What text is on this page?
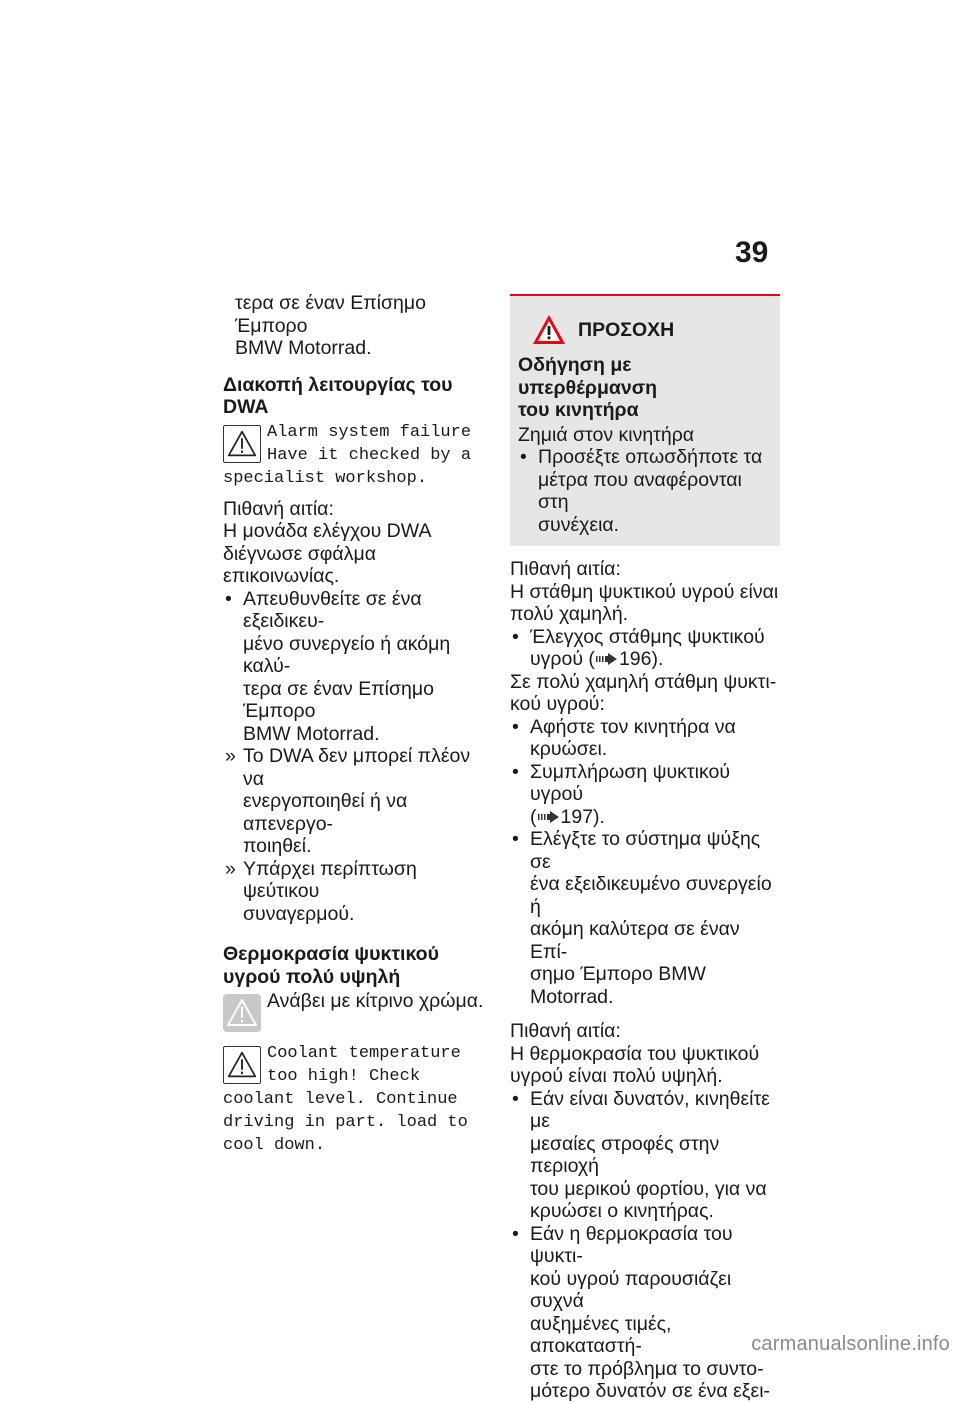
39

τερα σε έναν Επίσημο Έμπορο

BMW Motorrad.

Διακοπή λειτουργίας του
DWA
Alarm system failure
Have it checked by a
specialist workshop.

Πιθανή αιτία:

Η μονάδα ελέγχου DWA

διέγνωσε σφάλμα επικοινωνίας.

• Απευθυνθείτε σε ένα εξειδικευ-
μένο συνεργείο ή ακόμη καλύ-
τερα σε έναν Επίσημο Έμπορο
BMW Motorrad.
» Το DWA δεν μπορεί πλέον να
ενεργοποιηθεί ή να απενεργο-
ποιηθεί.
» Υπάρχει περίπτωση ψεύτικου
συναγερμού.
Θερμοκρασία ψυκτικού
υγρού πολύ υψηλή
Ανάβει με κίτρινο χρώμα.
Coolant temperature
too high! Check
coolant level. Continue
driving in part. load to
cool down.
ΠΡΟΣΟΧΗ
Οδήγηση με υπερθέρμανση
του κινητήρα

Ζημιά στον κινητήρα

• Προσέξτε οπωσδήποτε τα
μέτρα που αναφέρονται στη
συνέχεια.

Πιθανή αιτία:

Η στάθμη ψυκτικού υγρού είναι

πολύ χαμηλή.

• Έλεγχος στάθμης ψυκτικού
υγρού ( 196).

Σε πολύ χαμηλή στάθμη ψυκτι-

κού υγρού:

• Αφήστε τον κινητήρα να
κρυώσει.
• Συμπλήρωση ψυκτικού υγρού
( 197).
• Ελέγξτε το σύστημα ψύξης σε
ένα εξειδικευμένο συνεργείο ή
ακόμη καλύτερα σε έναν Επί-
σημο Έμπορο BMW Motorrad.

Πιθανή αιτία:

Η θερμοκρασία του ψυκτικού

υγρού είναι πολύ υψηλή.

• Εάν είναι δυνατόν, κινηθείτε με
μεσαίες στροφές στην περιοχή
του μερικού φορτίου, για να
κρυώσει ο κινητήρας.
• Εάν η θερμοκρασία του ψυκτι-
κού υγρού παρουσιάζει συχνά
αυξημένες τιμές, αποκαταστή-
στε το πρόβλημα το συντο-
μότερο δυνατόν σε ένα εξει-
carmanualsonline.info
